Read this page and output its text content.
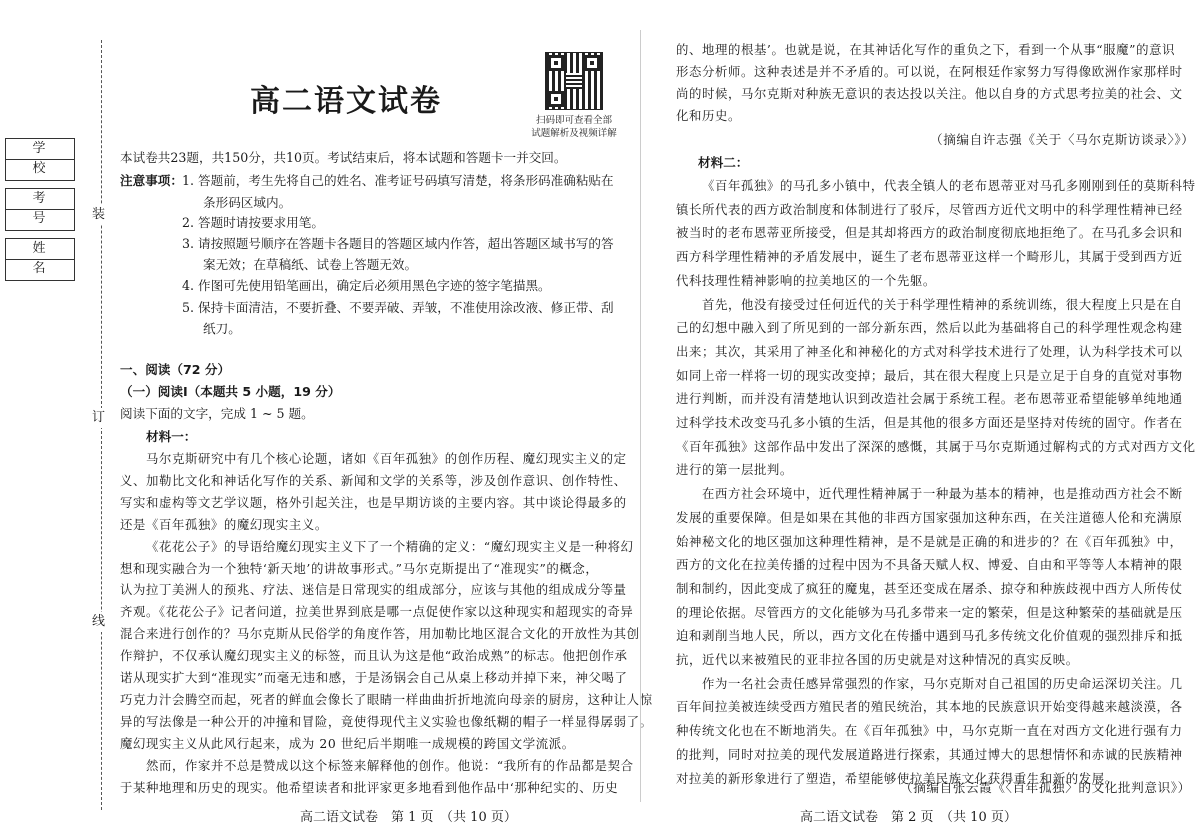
装
订
线
学 校
考 号
姓 名
高二语文试卷
扫码即可查看全部
试题解析及视频详解
本试卷共23题，共150分，共10页。考试结束后，将本试题和答题卡一并交回。
注意事项： 1. 答题前，考生先将自己的姓名、准考证号码填写清楚，将条形码准确粘贴在
条形码区域内。
2. 答题时请按要求用笔。
3. 请按照题号顺序在答题卡各题目的答题区域内作答，超出答题区域书写的答
案无效；在草稿纸、试卷上答题无效。
4. 作图可先使用铅笔画出，确定后必须用黑色字迹的签字笔描黑。
5. 保持卡面清洁，不要折叠、不要弄破、弄皱，不准使用涂改液、修正带、刮
纸刀。
一、阅读（72 分）
（一）阅读Ⅰ（本题共 5 小题，19 分）
阅读下面的文字，完成 1 ~ 5 题。
材料一：
马尔克斯研究中有几个核心论题，诸如《百年孤独》的创作历程、魔幻现实主义的定
义、加勒比文化和神话化写作的关系、新闻和文学的关系等，涉及创作意识、创作特性、
写实和虚构等文艺学议题，格外引起关注，也是早期访谈的主要内容。其中谈论得最多的
还是《百年孤独》的魔幻现实主义。
《花花公子》的导语给魔幻现实主义下了一个精确的定义：“魔幻现实主义是一种将幻
想和现实融合为一个独特‘新天地’的讲故事形式。”马尔克斯提出了“准现实”的概念，
认为拉丁美洲人的预兆、疗法、迷信是日常现实的组成部分，应该与其他的组成成分等量
齐观。《花花公子》记者问道，拉美世界到底是哪一点促使作家以这种现实和超现实的奇异
混合来进行创作的？马尔克斯从民俗学的角度作答，用加勒比地区混合文化的开放性为其创
作辩护，不仅承认魔幻现实主义的标签，而且认为这是他“政治成熟”的标志。他把创作承
诺从现实扩大到“准现实”而毫无违和感，于是汤锅会自己从桌上移动并掉下来，神父喝了
巧克力汁会腾空而起，死者的鲜血会像长了眼睛一样曲曲折折地流向母亲的厨房，这种让人惊
异的写法像是一种公开的冲撞和冒险，竟使得现代主义实验也像纸糊的帽子一样显得孱弱了。
魔幻现实主义从此风行起来，成为 20 世纪后半期唯一成规模的跨国文学流派。
然而，作家并不总是赞成以这个标签来解释他的创作。他说：“我所有的作品都是契合
于某种地理和历史的现实。他希望读者和批评家更多地看到他作品中‘那种纪实的、历史
高二语文试卷　第 1 页　（共 10 页）
的、地理的根基’。也就是说，在其神话化写作的重负之下，看到一个从事“服魔”的意识
形态分析师。这种表述是并不矛盾的。可以说，在阿根廷作家努力写得像欧洲作家那样时
尚的时候，马尔克斯对种族无意识的表达投以关注。他以自身的方式思考拉美的社会、文
化和历史。
（摘编自许志强《关于〈马尔克斯访谈录〉》）
材料二：
《百年孤独》的马孔多小镇中，代表全镇人的老布恩蒂亚对马孔多刚刚到任的莫斯科特
镇长所代表的西方政治制度和体制进行了驳斥，尽管西方近代文明中的科学理性精神已经
被当时的老布恩蒂亚所接受，但是其却将西方的政治制度彻底地拒绝了。在马孔多会识和
西方科学理性精神的矛盾发展中，诞生了老布恩蒂亚这样一个畸形儿，其属于受到西方近
代科技理性精神影响的拉美地区的一个先躯。
首先，他没有接受过任何近代的关于科学理性精神的系统训练，很大程度上只是在自
己的幻想中融入到了所见到的一部分新东西，然后以此为基础将自己的科学理性观念构建
出来；其次，其采用了神圣化和神秘化的方式对科学技术进行了处理，认为科学技术可以
如同上帝一样将一切的现实改变掉；最后，其在很大程度上只是立足于自身的直觉对事物
进行判断，而并没有清楚地认识到改造社会属于系统工程。老布恩蒂亚希望能够单纯地通
过科学技术改变马孔多小镇的生活，但是其他的很多方面还是坚持对传统的固守。作者在
《百年孤独》这部作品中发出了深深的感慨，其属于马尔克斯通过解构式的方式对西方文化
进行的第一层批判。
在西方社会环境中，近代理性精神属于一种最为基本的精神，也是推动西方社会不断
发展的重要保障。但是如果在其他的非西方国家强加这种东西，在关注道德人伦和充满原
始神秘文化的地区强加这种理性精神，是不是就是正确的和进步的？在《百年孤独》中，
西方的文化在拉美传播的过程中因为不具备天赋人权、博爱、自由和平等等人本精神的限
制和制约，因此变成了疯狂的魔鬼，甚至还变成在屠杀、掠夺和种族歧视中西方人所传仗
的理论依据。尽管西方的文化能够为马孔多带来一定的繁荣，但是这种繁荣的基础就是压
迫和剥削当地人民，所以，西方文化在传播中遇到马孔多传统文化价值观的强烈排斥和抵
抗，近代以来被殖民的亚非拉各国的历史就是对这种情况的真实反映。
作为一名社会责任感异常强烈的作家，马尔克斯对自己祖国的历史命运深切关注。几
百年间拉美被连续受西方殖民者的殖民统治，其本地的民族意识开始变得越来越淡漠，各
种传统文化也在不断地消失。在《百年孤独》中，马尔克斯一直在对西方文化进行强有力
的批判，同时对拉美的现代发展道路进行探索，其通过博大的思想情怀和赤诚的民族精神
对拉美的新形象进行了塑造，希望能够使拉美民族文化获得重生和新的发展。
（摘编自张云霞《〈百年孤独〉的文化批判意识》）
高二语文试卷　第 2 页　（共 10 页）
